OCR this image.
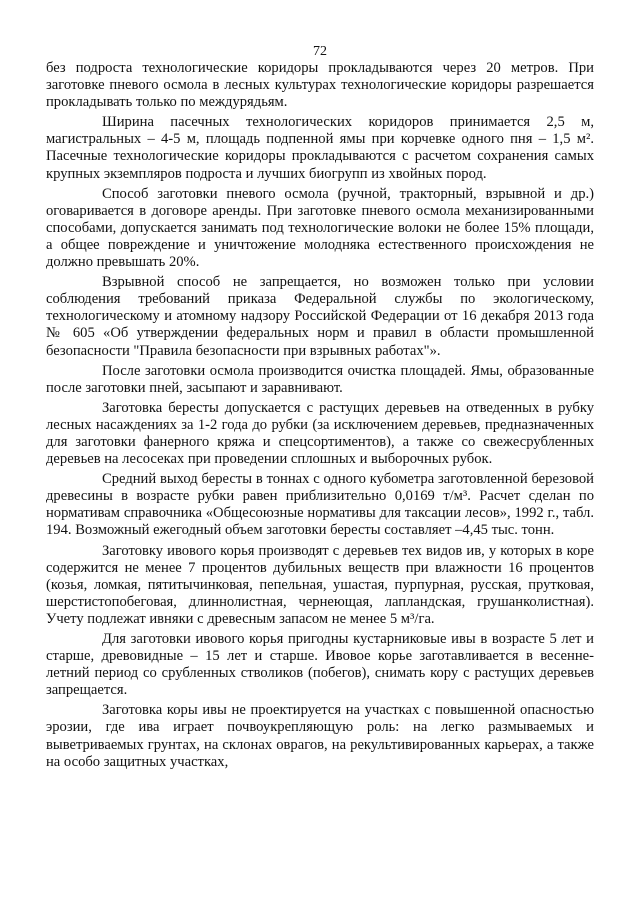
72

без подроста технологические коридоры прокладываются через 20 метров. При заготовке пневого осмола в лесных культурах технологические коридоры разрешается прокладывать только по междурядьям.

Ширина пасечных технологических коридоров принимается 2,5 м, магистральных – 4-5 м, площадь подпенной ямы при корчевке одного пня – 1,5 м². Пасечные технологические коридоры прокладываются с расчетом сохранения самых крупных экземпляров подроста и лучших биогрупп из хвойных пород.

Способ заготовки пневого осмола (ручной, тракторный, взрывной и др.) оговаривается в договоре аренды. При заготовке пневого осмола механизированными способами, допускается занимать под технологические волоки не более 15% площади, а общее повреждение и уничтожение молодняка естественного происхождения не должно превышать 20%.

Взрывной способ не запрещается, но возможен только при условии соблюдения требований приказа Федеральной службы по экологическому, технологическому и атомному надзору Российской Федерации от 16 декабря 2013 года № 605 «Об утверждении федеральных норм и правил в области промышленной безопасности "Правила безопасности при взрывных работах"».

После заготовки осмола производится очистка площадей. Ямы, образованные после заготовки пней, засыпают и заравнивают.

Заготовка бересты допускается с растущих деревьев на отведенных в рубку лесных насаждениях за 1-2 года до рубки (за исключением деревьев, предназначенных для заготовки фанерного кряжа и спецсортиментов), а также со свежесрубленных деревьев на лесосеках при проведении сплошных и выборочных рубок.

Средний выход бересты в тоннах с одного кубометра заготовленной березовой древесины в возрасте рубки равен приблизительно 0,0169 т/м³. Расчет сделан по нормативам справочника «Общесоюзные нормативы для таксации лесов», 1992 г., табл. 194. Возможный ежегодный объем заготовки бересты составляет –4,45 тыс. тонн.

Заготовку ивового корья производят с деревьев тех видов ив, у которых в коре содержится не менее 7 процентов дубильных веществ при влажности 16 процентов (козья, ломкая, пятитычинковая, пепельная, ушастая, пурпурная, русская, прутковая, шерстистопобеговая, длиннолистная, чернеющая, лапландская, грушанколистная). Учету подлежат ивняки с древесным запасом не менее 5 м³/га.

Для заготовки ивового корья пригодны кустарниковые ивы в возрасте 5 лет и старше, древовидные – 15 лет и старше. Ивовое корье заготавливается в весенне-летний период со срубленных стволиков (побегов), снимать кору с растущих деревьев запрещается.

Заготовка коры ивы не проектируется на участках с повышенной опасностью эрозии, где ива играет почвоукрепляющую роль: на легко размываемых и выветриваемых грунтах, на склонах оврагов, на рекультивированных карьерах, а также на особо защитных участках,
